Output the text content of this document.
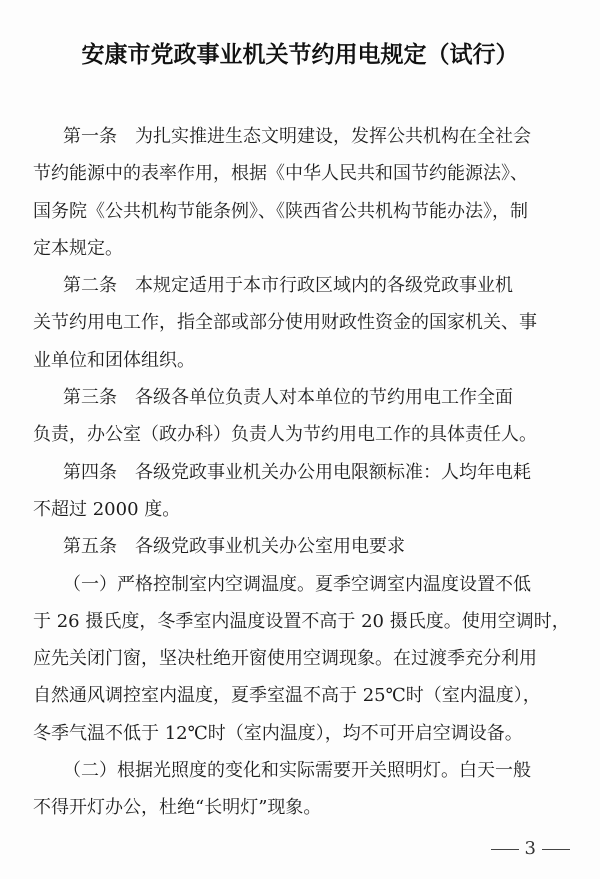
安康市党政事业机关节约用电规定（试行）
第一条　为扎实推进生态文明建设，发挥公共机构在全社会
节约能源中的表率作用，根据《中华人民共和国节约能源法》、
国务院《公共机构节能条例》、《陕西省公共机构节能办法》，制
定本规定。
第二条　本规定适用于本市行政区域内的各级党政事业机
关节约用电工作，指全部或部分使用财政性资金的国家机关、事
业单位和团体组织。
第三条　各级各单位负责人对本单位的节约用电工作全面
负责，办公室（政办科）负责人为节约用电工作的具体责任人。
第四条　各级党政事业机关办公用电限额标准：人均年电耗
不超过 2000 度。
第五条　各级党政事业机关办公室用电要求
（一）严格控制室内空调温度。夏季空调室内温度设置不低
于 26 摄氏度，冬季室内温度设置不高于 20 摄氏度。使用空调时，
应先关闭门窗，坚决杜绝开窗使用空调现象。在过渡季充分利用
自然通风调控室内温度，夏季室温不高于 25℃时（室内温度），
冬季气温不低于 12℃时（室内温度），均不可开启空调设备。
（二）根据光照度的变化和实际需要开关照明灯。白天一般
不得开灯办公，杜绝“长明灯”现象。
3
